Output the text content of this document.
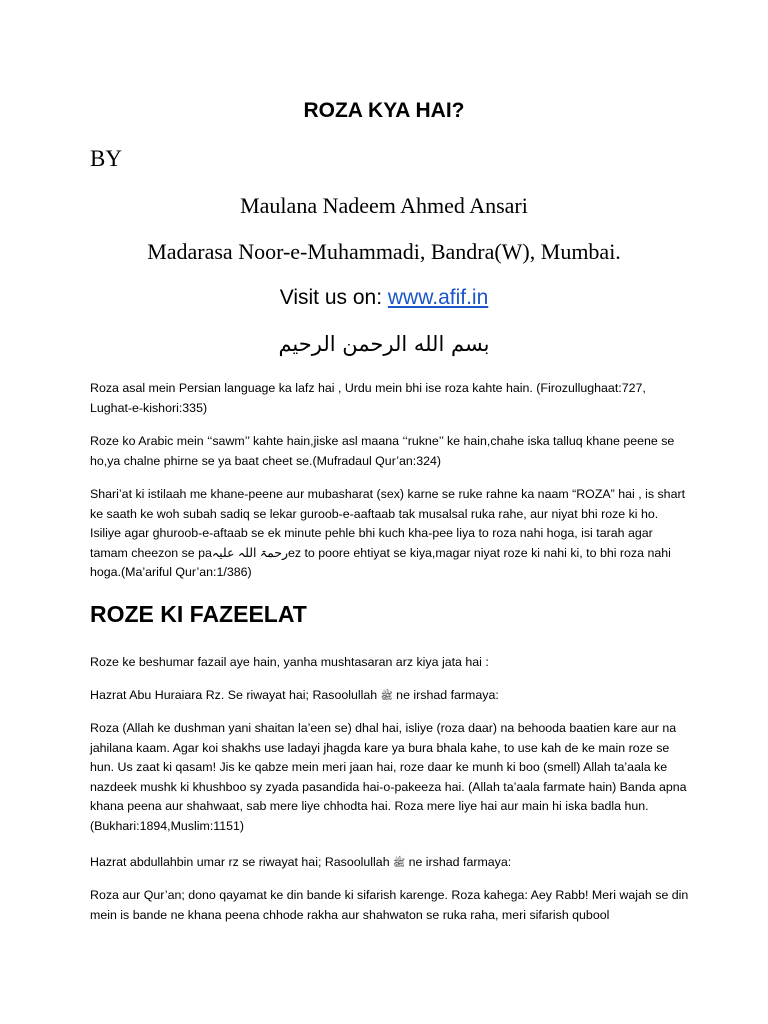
ROZA KYA HAI?
BY
Maulana Nadeem Ahmed Ansari
Madarasa Noor-e-Muhammadi, Bandra(W), Mumbai.
Visit us on: www.afif.in
بسم الله الرحمن الرحيم
Roza asal mein Persian language ka lafz hai , Urdu mein bhi ise roza kahte hain. (Firozullughaat:727, Lughat-e-kishori:335)
Roze ko Arabic mein ‘‘sawm’’ kahte hain,jiske asl maana ‘‘rukne’’ ke hain,chahe iska talluq khane peene se ho,ya chalne phirne se ya baat cheet se.(Mufradaul Qur’an:324)
Shari’at ki istilaah me khane-peene aur mubasharat (sex) karne se ruke rahne ka naam “ROZA” hai , is shart ke saath ke woh subah sadiq se lekar guroob-e-aaftaab tak musalsal ruka rahe, aur niyat bhi roze ki ho. Isiliye agar ghuroob-e-aftaab se ek minute pehle bhi kuch kha-pee liya to roza nahi hoga, isi tarah agar tamam cheezon se paرحمۃ اللہ علیہez to poore ehtiyat se kiya,magar niyat roze ki nahi ki, to bhi roza nahi hoga.(Ma’ariful Qur’an:1/386)
ROZE KI FAZEELAT
Roze ke beshumar fazail aye hain, yanha mushtasaran arz kiya jata hai :
Hazrat Abu Huraiara Rz. Se riwayat hai; Rasoolullah ﷺ ne irshad farmaya:
Roza (Allah ke dushman yani shaitan la’een se) dhal hai, isliye (roza daar) na behooda baatien kare aur na jahilana kaam. Agar koi shakhs use ladayi jhagda kare ya bura bhala kahe, to use kah de ke main roze se hun. Us zaat ki qasam! Jis ke qabze mein meri jaan hai, roze daar ke munh ki boo (smell) Allah ta’aala ke nazdeek mushk ki khushboo sy zyada pasandida hai-o-pakeeza hai. (Allah ta’aala farmate hain) Banda apna khana peena aur shahwaat, sab mere liye chhodta hai. Roza mere liye hai aur main hi iska badla hun.(Bukhari:1894,Muslim:1151)
Hazrat abdullahbin umar rz se riwayat hai; Rasoolullah ﷺ ne irshad farmaya:
Roza aur Qur’an; dono qayamat ke din bande ki sifarish karenge. Roza kahega: Aey Rabb! Meri wajah se din mein is bande ne khana peena chhode rakha aur shahwaton se ruka raha, meri sifarish qubool
